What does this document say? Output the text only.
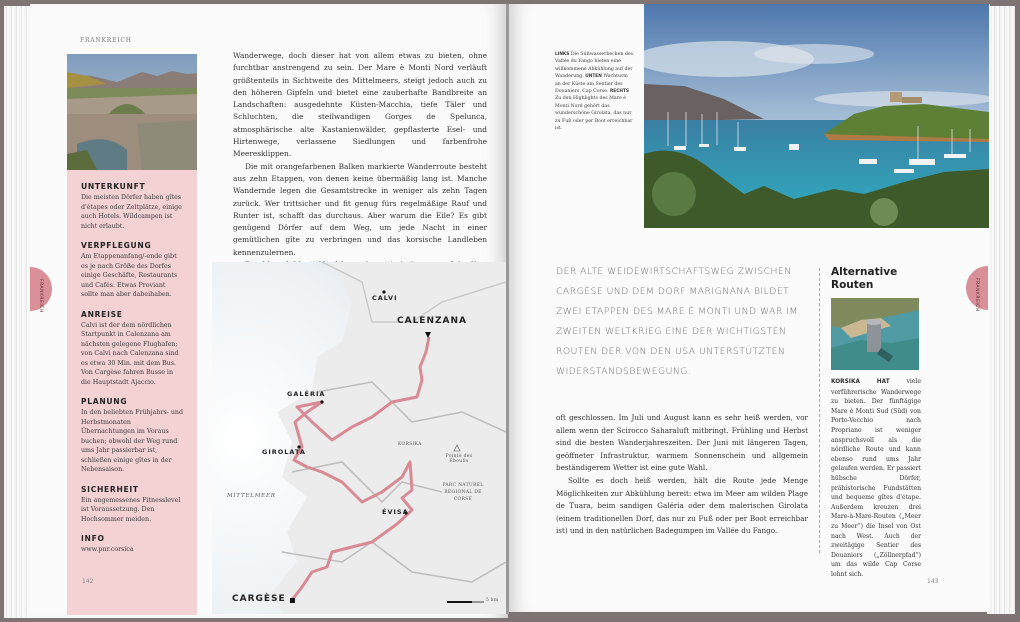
FRANKREICH
UNTERKUNFT
Die meisten Dörfer haben gîtes d'étapes oder Zeltplätze, einige auch Hotels. Wildcampen ist nicht erlaubt.
VERPFLEGUNG
Am Etappenanfang/-ende gibt es je nach Größe des Dorfes einige Geschäfte, Restaurants und Cafés. Etwas Proviant sollte man aber dabeihaben.
ANREISE
Calvi ist der dem nördlichen Startpunkt in Calenzana am nächsten gelegene Flughafen; von Calvi nach Calenzana sind es etwa 30 Min. mit dem Bus. Von Cargèse fahren Busse in die Hauptstadt Ajaccio.
PLANUNG
In den beliebten Frühjahrs- und Herbstmonaten Übernachtungen im Voraus buchen; obwohl der Weg rund ums Jahr passierbar ist, schließen einige gîtes in der Nebensaison.
SICHERHEIT
Ein angemessenes Fitnesslevel ist Voraussetzung. Den Hochsommer meiden.
INFO
www.pnr.corsica
142

Wanderwege, doch dieser hat von allem etwas zu bieten, ohne furchtbar anstrengend zu sein. Der Mare è Monti Nord verläuft größtenteils in Sichtweite des Mittelmeers, steigt jedoch auch zu den höheren Gipfeln und bietet eine zauberhafte Bandbreite an Landschaften: ausgedehnte Küsten-Macchia, tiefe Täler und Schluchten, die steilwandigen Gorges de Spelunca, atmosphärische alte Kastanienwälder, gepflasterte Esel- und Hirtenwege, verlassene Siedlungen und farbenfrohe Meeresklippen.

Die mit orangefarbenen Balken markierte Wanderroute besteht aus zehn Etappen, von denen keine übermäßig lang ist. Manche Wandernde legen die Gesamtstrecke in weniger als zehn Tagen zurück. Wer trittsicher und fit genug fürs regelmäßige Rauf und Runter ist, schafft das durchaus. Aber warum die Eile? Es gibt genügend Dörfer auf dem Weg, um jede Nacht in einer gemütlichen gîte zu verbringen und das korsische Landleben kennenzulernen.

CALVI
CALENZANA
GALÉRIA
GIROLATA
ÉVISA
CARGÈSE
KORSIKA
Pointe des Éboulis
PARC NATUREL RÉGIONAL DE CORSE
MITTELMEER
5 km
FRANKREICH
LINKS Die Süßwasserbecken des Vallée du Fango bieten eine willkommene Abkühlung auf der Wanderung. UNTEN Wachturm an der Küste am Sentier des Douaniers, Cap Corse. RECHTS Zu den Highlights des Mare è Monti Nord gehört das wunderschöne Girolata, das nur zu Fuß oder per Boot erreichbar ist.
DER ALTE WEIDEWIRTSCHAFTSWEG ZWISCHEN CARGÈSE UND DEM DORF MARIGNANA BILDET ZWEI ETAPPEN DES MARE È MONTI UND WAR IM ZWEITEN WELTKRIEG EINE DER WICHTIGSTEN ROUTEN DER VON DEN USA UNTERSTÜTZTEN WIDERSTANDSBEWEGUNG.

oft geschlossen. Im Juli und August kann es sehr heiß werden, vor allem wenn der Scirocco Saharaluft mitbringt. Frühling und Herbst sind die besten Wanderjahreszeiten. Der Juni mit längeren Tagen, geöffneter Infrastruktur, warmem Sonnenschein und allgemein beständigerem Wetter ist eine gute Wahl.

Sollte es doch heiß werden, hält die Route jede Menge Möglichkeiten zur Abkühlung bereit: etwa im Meer am wilden Plage de Tuara, beim sandigen Galéria oder dem malerischen Girolata (einem traditionellen Dorf, das nur zu Fuß oder per Boot erreichbar ist) und in den natürlichen Badegumpen im Vallée du Fango.

Alternative Routen
KORSIKA HAT viele verführerische Wanderwege zu bieten. Der fünftägige Mare è Monti Sud (Süd) von Porto-Vecchio nach Propriano ist weniger anspruchsvoll als die nördliche Route und kann ebenso rund ums Jahr gelaufen werden. Er passiert hübsche Dörfer, prähistorische Fundstätten und bequeme gîtes d'étape. Außerdem kreuzen drei Mare-à-Mare-Routen („Meer zu Meer“) die Insel von Ost nach West. Auch der zweitägige Sentier des Douaniers („Zöllnerpfad“) um das wilde Cap Corse lohnt sich.
143
FRANKREICH
